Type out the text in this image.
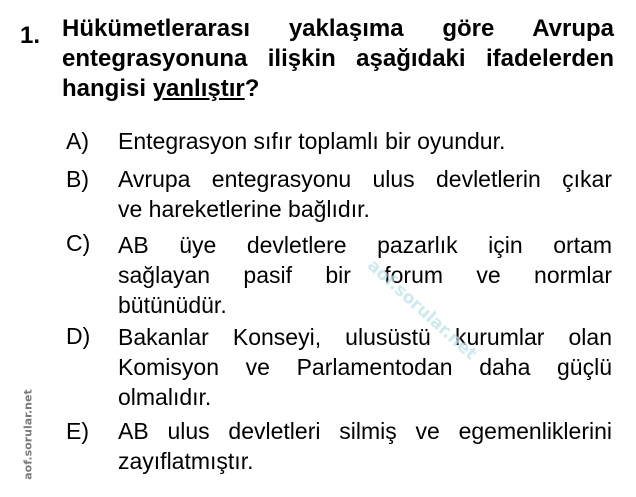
1. Hükümetlerarası yaklaşıma göre Avrupa
entegrasyonuna ilişkin aşağıdaki ifadelerden
hangisi yanlıştır?
A) Entegrasyon sıfır toplamlı bir oyundur.
B) Avrupa entegrasyonu ulus devletlerin çıkar
ve hareketlerine bağlıdır.
C) AB üye devletlere pazarlık için ortam
sağlayan pasif bir forum ve normlar
bütünüdür.
D) Bakanlar Konseyi, ulusüstü kurumlar olan
Komisyon ve Parlamentodan daha güçlü
olmalıdır.
E) AB ulus devletleri silmiş ve egemenliklerini
zayıflatmıştır.
aof.sorular.net
aof.sorular.net
